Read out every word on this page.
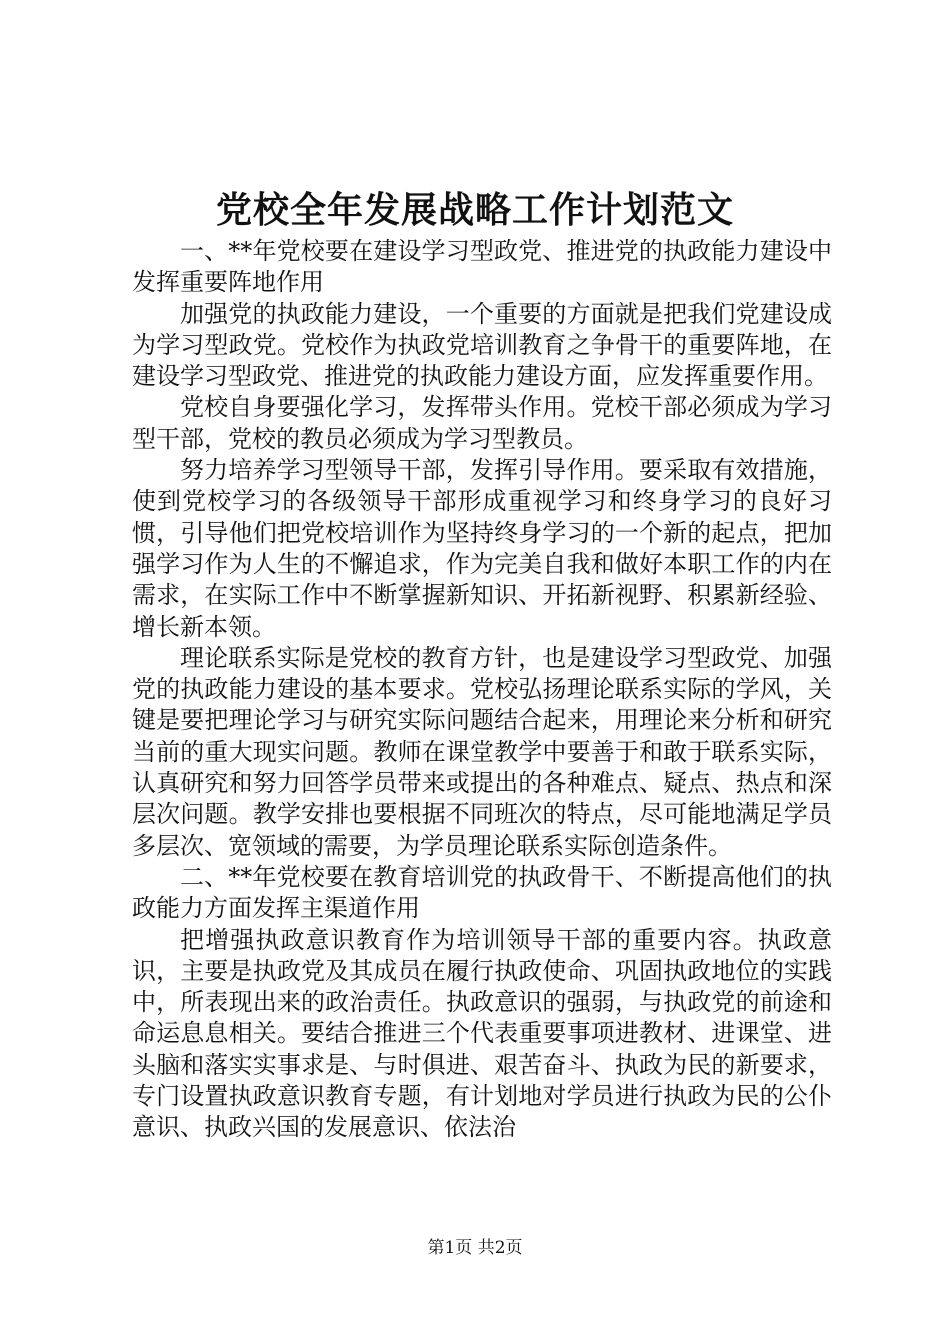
党校全年发展战略工作计划范文

一、**年党校要在建设学习型政党、推进党的执政能力建设中发挥重要阵地作用

加强党的执政能力建设，一个重要的方面就是把我们党建设成为学习型政党。党校作为执政党培训教育之争骨干的重要阵地，在建设学习型政党、推进党的执政能力建设方面，应发挥重要作用。

党校自身要强化学习，发挥带头作用。党校干部必须成为学习型干部，党校的教员必须成为学习型教员。

努力培养学习型领导干部，发挥引导作用。要采取有效措施，使到党校学习的各级领导干部形成重视学习和终身学习的良好习惯，引导他们把党校培训作为坚持终身学习的一个新的起点，把加强学习作为人生的不懈追求，作为完美自我和做好本职工作的内在需求，在实际工作中不断掌握新知识、开拓新视野、积累新经验、增长新本领。

理论联系实际是党校的教育方针，也是建设学习型政党、加强党的执政能力建设的基本要求。党校弘扬理论联系实际的学风，关键是要把理论学习与研究实际问题结合起来，用理论来分析和研究当前的重大现实问题。教师在课堂教学中要善于和敢于联系实际，认真研究和努力回答学员带来或提出的各种难点、疑点、热点和深层次问题。教学安排也要根据不同班次的特点，尽可能地满足学员多层次、宽领域的需要，为学员理论联系实际创造条件。

二、**年党校要在教育培训党的执政骨干、不断提高他们的执政能力方面发挥主渠道作用

把增强执政意识教育作为培训领导干部的重要内容。执政意识，主要是执政党及其成员在履行执政使命、巩固执政地位的实践中，所表现出来的政治责任。执政意识的强弱，与执政党的前途和命运息息相关。要结合推进三个代表重要事项进教材、进课堂、进头脑和落实实事求是、与时俱进、艰苦奋斗、执政为民的新要求，专门设置执政意识教育专题，有计划地对学员进行执政为民的公仆意识、执政兴国的发展意识、依法治

第1页 共2页
